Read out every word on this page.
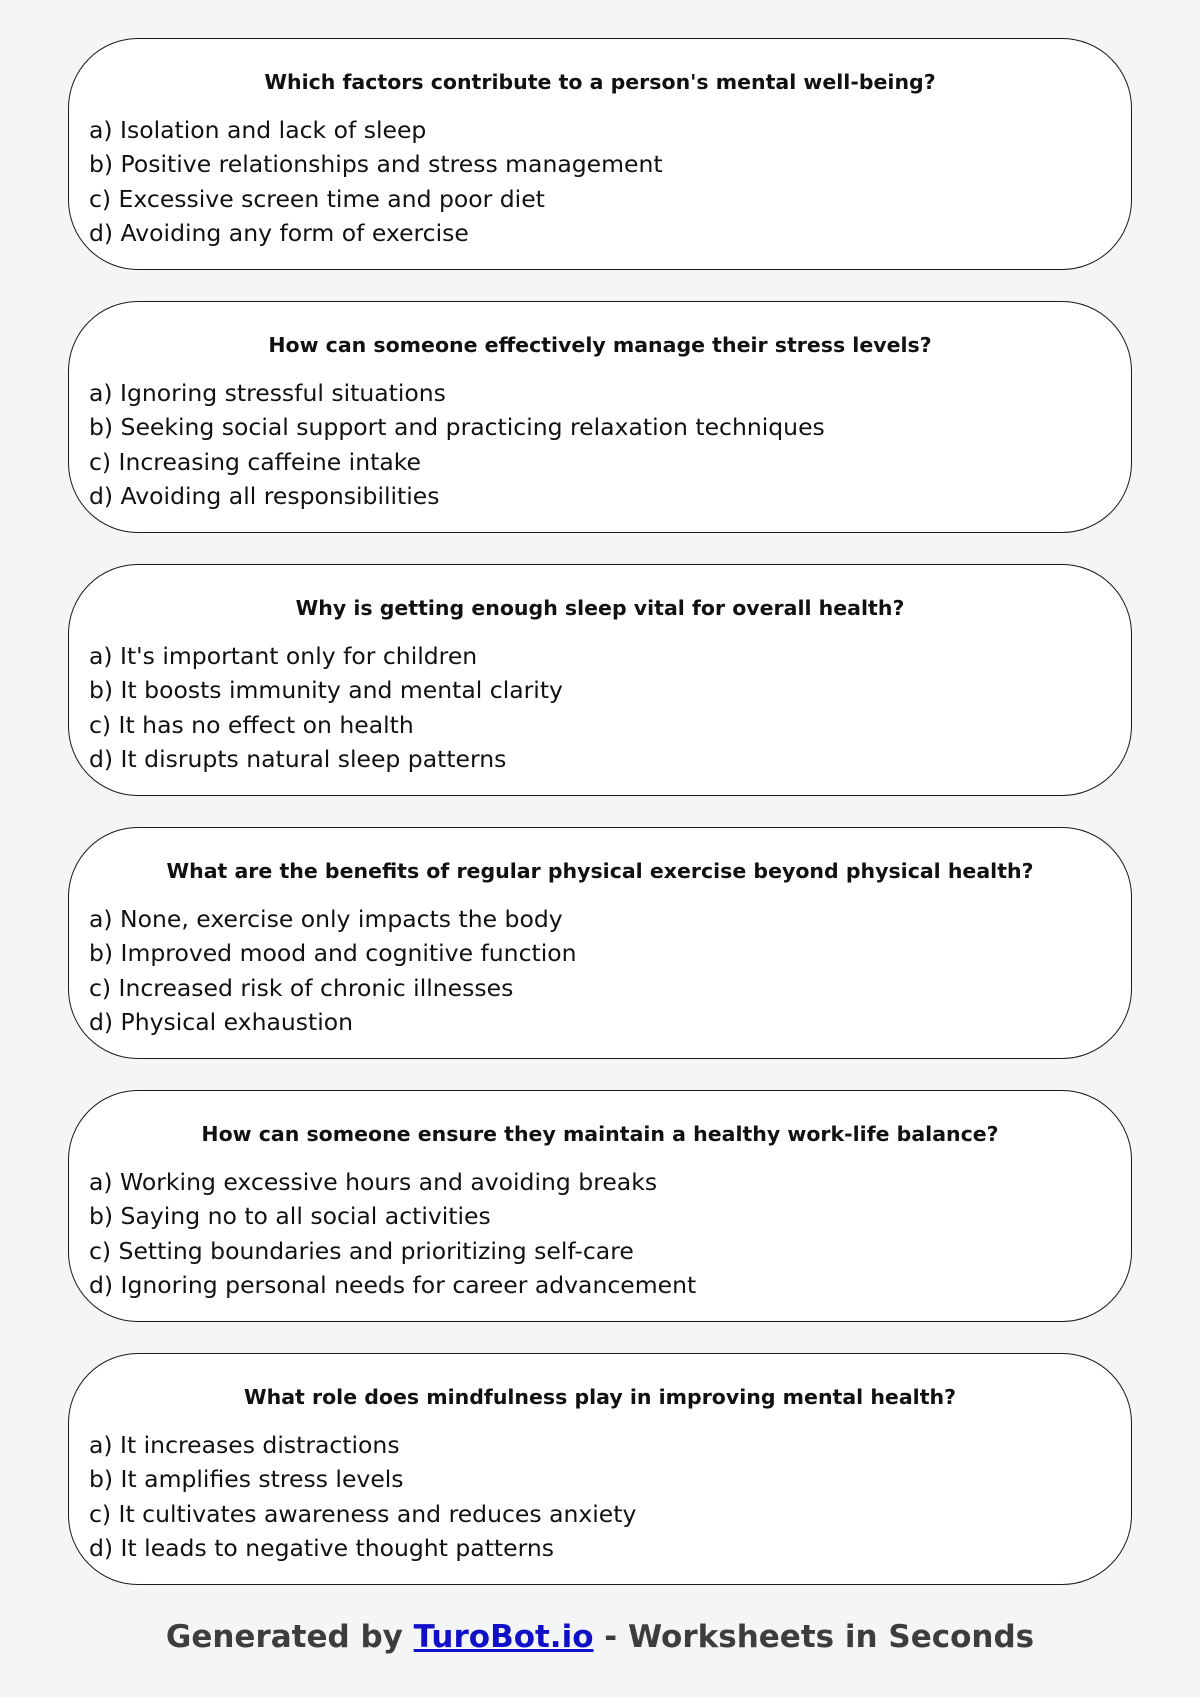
Which factors contribute to a person's mental well-being?
a) Isolation and lack of sleep
b) Positive relationships and stress management
c) Excessive screen time and poor diet
d) Avoiding any form of exercise
How can someone effectively manage their stress levels?
a) Ignoring stressful situations
b) Seeking social support and practicing relaxation techniques
c) Increasing caffeine intake
d) Avoiding all responsibilities
Why is getting enough sleep vital for overall health?
a) It's important only for children
b) It boosts immunity and mental clarity
c) It has no effect on health
d) It disrupts natural sleep patterns
What are the benefits of regular physical exercise beyond physical health?
a) None, exercise only impacts the body
b) Improved mood and cognitive function
c) Increased risk of chronic illnesses
d) Physical exhaustion
How can someone ensure they maintain a healthy work-life balance?
a) Working excessive hours and avoiding breaks
b) Saying no to all social activities
c) Setting boundaries and prioritizing self-care
d) Ignoring personal needs for career advancement
What role does mindfulness play in improving mental health?
a) It increases distractions
b) It amplifies stress levels
c) It cultivates awareness and reduces anxiety
d) It leads to negative thought patterns
Generated by TuroBot.io - Worksheets in Seconds
